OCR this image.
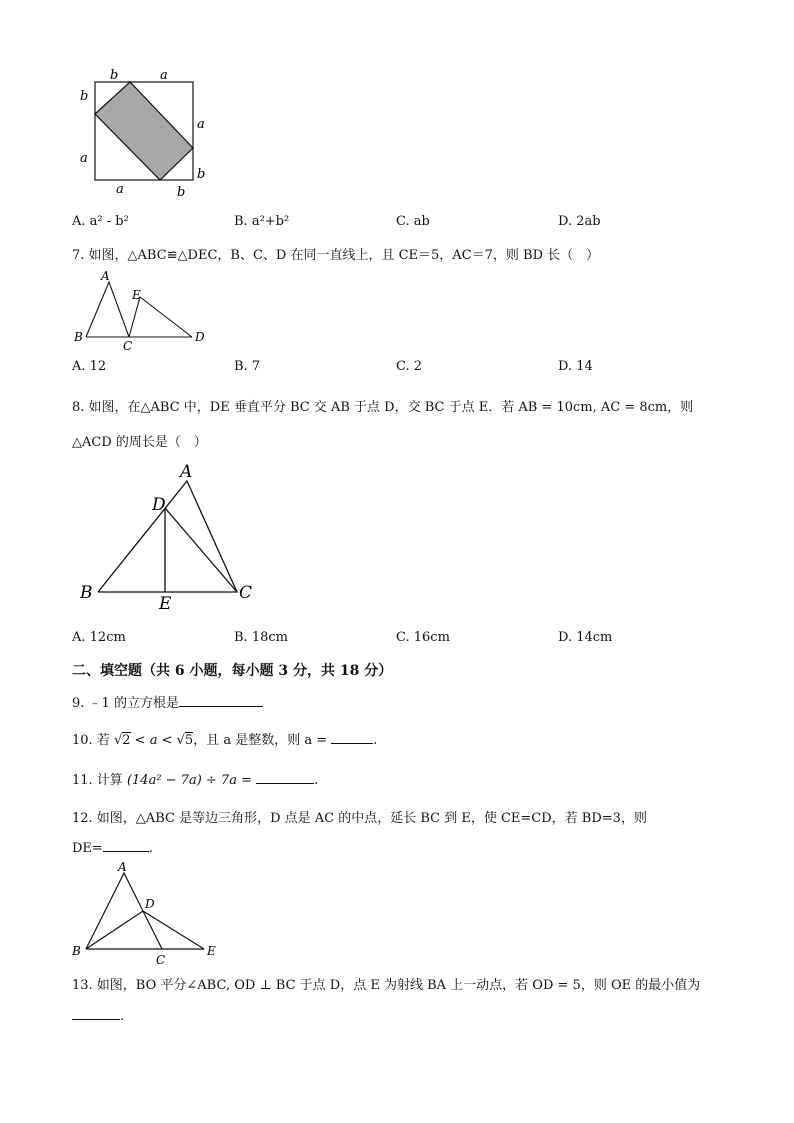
b	a
b
a
a
b
a	b
A. a² - b²	B. a²+b²	C. ab	D. 2ab
7. 如图，△ABC≌△DEC，B、C、D 在同一直线上，且 CE＝5，AC＝7，则 BD 长（　）
A
E
B
C
D
A. 12	B. 7	C. 2	D. 14
8. 如图，在△ABC 中，DE 垂直平分 BC 交 AB 于点 D，交 BC 于点 E．若 AB = 10cm, AC = 8cm，则
△ACD 的周长是（　）
A
D
B
E
C
A. 12cm	B. 18cm	C. 16cm	D. 14cm
二、填空题（共 6 小题，每小题 3 分，共 18 分）
9. ﹣1 的立方根是
10. 若 √2 < a < √5，且 a 是整数，则 a =	.
11. 计算 (14a² − 7a) ÷ 7a =	.
12. 如图，△ABC 是等边三角形，D 点是 AC 的中点，延长 BC 到 E，使 CE=CD，若 BD=3，则
DE=	.
A
D
B
C
E
13. 如图，BO 平分∠ABC, OD ⊥ BC 于点 D，点 E 为射线 BA 上一动点，若 OD = 5，则 OE 的最小值为
.
